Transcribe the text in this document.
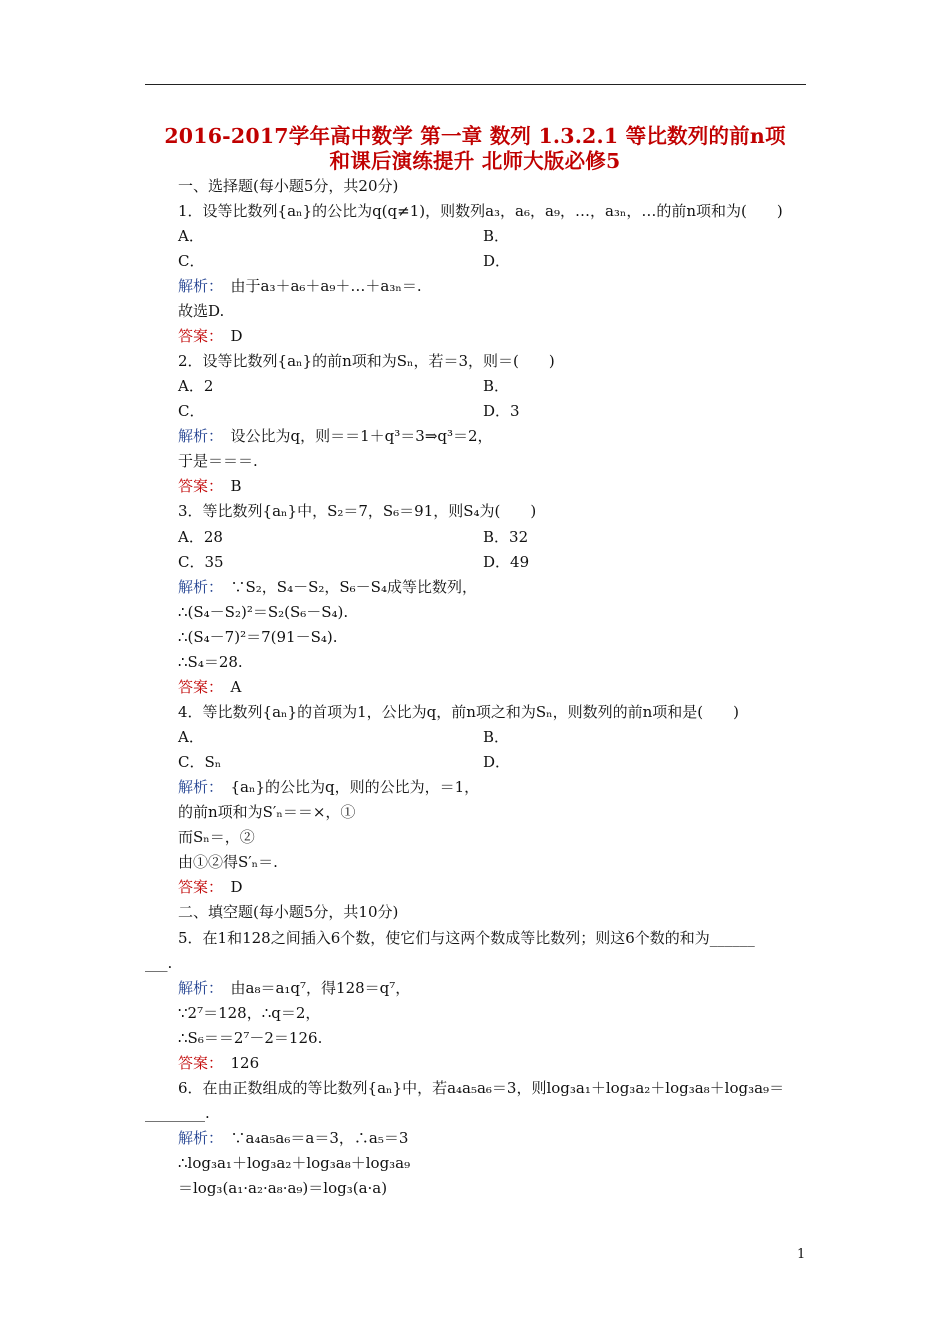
2016-2017学年高中数学 第一章 数列 1.3.2.1 等比数列的前n项
和课后演练提升 北师大版必修5
一、选择题(每小题5分，共20分)
1．设等比数列{aₙ}的公比为q(q≠1)，则数列a₃，a₆，a₉，…，a₃ₙ，…的前n项和为(　　)
A．	B．
C．	D．
解析：　由于a₃＋a₆＋a₉＋…＋a₃ₙ＝.
故选D.
答案：　D
2．设等比数列{aₙ}的前n项和为Sₙ，若＝3，则＝(　　)
A．2	B．
C．	D．3
解析：　设公比为q，则＝＝1＋q³＝3⇒q³＝2，
于是＝＝＝.
答案：　B
3．等比数列{aₙ}中，S₂＝7，S₆＝91，则S₄为(　　)
A．28	B．32
C．35	D．49
解析：　∵S₂，S₄－S₂，S₆－S₄成等比数列，
∴(S₄－S₂)²＝S₂(S₆－S₄).
∴(S₄－7)²＝7(91－S₄).
∴S₄＝28.
答案：　A
4．等比数列{aₙ}的首项为1，公比为q，前n项之和为Sₙ，则数列的前n项和是(　　)
A．	B．
C．Sₙ	D．
解析：　{aₙ}的公比为q，则的公比为，＝1，
的前n项和为S′ₙ＝＝×，①
而Sₙ＝，②
由①②得S′ₙ＝.
答案：　D
二、填空题(每小题5分，共10分)
5．在1和128之间插入6个数，使它们与这两个数成等比数列；则这6个数的和为______
___.
解析：　由a₈＝a₁q⁷，得128＝q⁷，
∵2⁷＝128，∴q＝2，
∴S₆＝＝2⁷－2＝126.
答案：　126
6．在由正数组成的等比数列{aₙ}中，若a₄a₅a₆＝3，则log₃a₁＋log₃a₂＋log₃a₈＋log₃a₉＝
________.
解析：　∵a₄a₅a₆＝a＝3，∴a₅＝3
∴log₃a₁＋log₃a₂＋log₃a₈＋log₃a₉
＝log₃(a₁·a₂·a₈·a₉)＝log₃(a·a)
1
